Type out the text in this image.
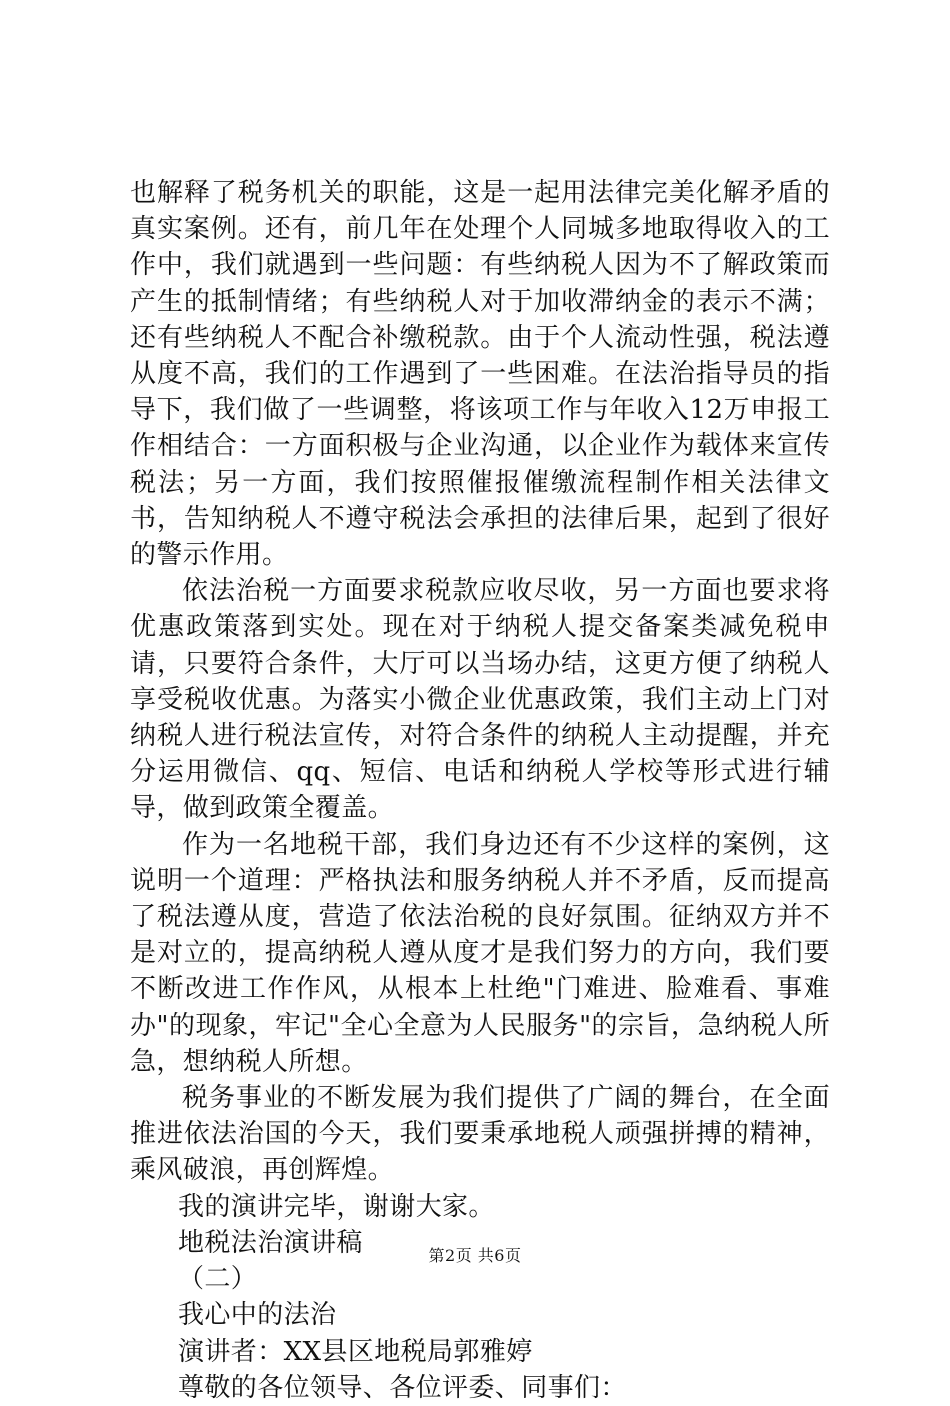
也解释了税务机关的职能，这是一起用法律完美化解矛盾的真实案例。还有，前几年在处理个人同城多地取得收入的工作中，我们就遇到一些问题：有些纳税人因为不了解政策而产生的抵制情绪；有些纳税人对于加收滞纳金的表示不满；还有些纳税人不配合补缴税款。由于个人流动性强，税法遵从度不高，我们的工作遇到了一些困难。在法治指导员的指导下，我们做了一些调整，将该项工作与年收入12万申报工作相结合：一方面积极与企业沟通，以企业作为载体来宣传税法；另一方面，我们按照催报催缴流程制作相关法律文书，告知纳税人不遵守税法会承担的法律后果，起到了很好的警示作用。

依法治税一方面要求税款应收尽收，另一方面也要求将优惠政策落到实处。现在对于纳税人提交备案类减免税申请，只要符合条件，大厅可以当场办结，这更方便了纳税人享受税收优惠。为落实小微企业优惠政策，我们主动上门对纳税人进行税法宣传，对符合条件的纳税人主动提醒，并充分运用微信、qq、短信、电话和纳税人学校等形式进行辅导，做到政策全覆盖。

作为一名地税干部，我们身边还有不少这样的案例，这说明一个道理：严格执法和服务纳税人并不矛盾，反而提高了税法遵从度，营造了依法治税的良好氛围。征纳双方并不是对立的，提高纳税人遵从度才是我们努力的方向，我们要不断改进工作作风，从根本上杜绝"门难进、脸难看、事难办"的现象，牢记"全心全意为人民服务"的宗旨，急纳税人所急，想纳税人所想。

税务事业的不断发展为我们提供了广阔的舞台，在全面推进依法治国的今天，我们要秉承地税人顽强拼搏的精神，乘风破浪，再创辉煌。

我的演讲完毕，谢谢大家。

地税法治演讲稿

（二）

我心中的法治

演讲者：XX县区地税局郭雅婷

尊敬的各位领导、各位评委、同事们：

第2页 共6页
